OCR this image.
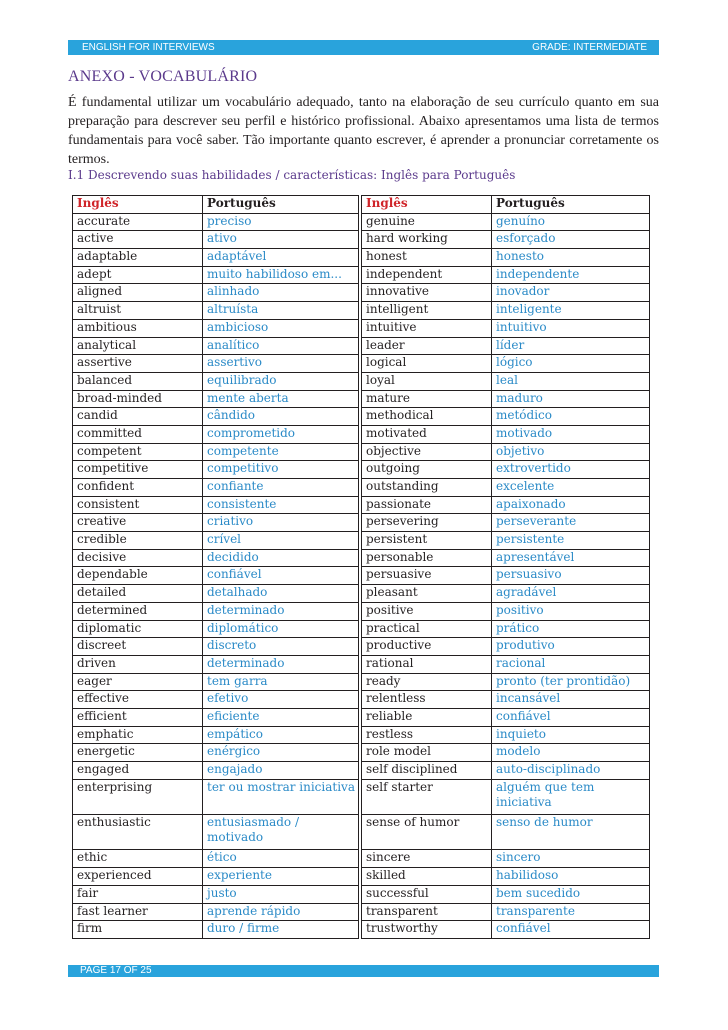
ENGLISH FOR INTERVIEWS	GRADE: INTERMEDIATE
ANEXO - VOCABULÁRIO

É fundamental utilizar um vocabulário adequado, tanto na elaboração de seu currículo quanto em sua preparação para descrever seu perfil e histórico profissional. Abaixo apresentamos uma lista de termos fundamentais para você saber. Tão importante quanto escrever, é aprender a pronunciar corretamente os termos.

I.1 Descrevendo suas habilidades / características: Inglês para Português
Inglês	Português
accurate	preciso
active	ativo
adaptable	adaptável
adept	muito habilidoso em...
aligned	alinhado
altruist	altruísta
ambitious	ambicioso
analytical	analítico
assertive	assertivo
balanced	equilibrado
broad-minded	mente aberta
candid	cândido
committed	comprometido
competent	competente
competitive	competitivo
confident	confiante
consistent	consistente
creative	criativo
credible	crível
decisive	decidido
dependable	confiável
detailed	detalhado
determined	determinado
diplomatic	diplomático
discreet	discreto
driven	determinado
eager	tem garra
effective	efetivo
efficient	eficiente
emphatic	empático
energetic	enérgico
engaged	engajado
enterprising	ter ou mostrar iniciativa
enthusiastic	entusiasmado / motivado
ethic	ético
experienced	experiente
fair	justo
fast learner	aprende rápido
firm	duro / firme
Inglês	Português
genuine	genuíno
hard working	esforçado
honest	honesto
independent	independente
innovative	inovador
intelligent	inteligente
intuitive	intuitivo
leader	líder
logical	lógico
loyal	leal
mature	maduro
methodical	metódico
motivated	motivado
objective	objetivo
outgoing	extrovertido
outstanding	excelente
passionate	apaixonado
persevering	perseverante
persistent	persistente
personable	apresentável
persuasive	persuasivo
pleasant	agradável
positive	positivo
practical	prático
productive	produtivo
rational	racional
ready	pronto (ter prontidão)
relentless	incansável
reliable	confiável
restless	inquieto
role model	modelo
self disciplined	auto-disciplinado
self starter	alguém que tem iniciativa
sense of humor	senso de humor
sincere	sincero
skilled	habilidoso
successful	bem sucedido
transparent	transparente
trustworthy	confiável
PAGE 17 OF 25
